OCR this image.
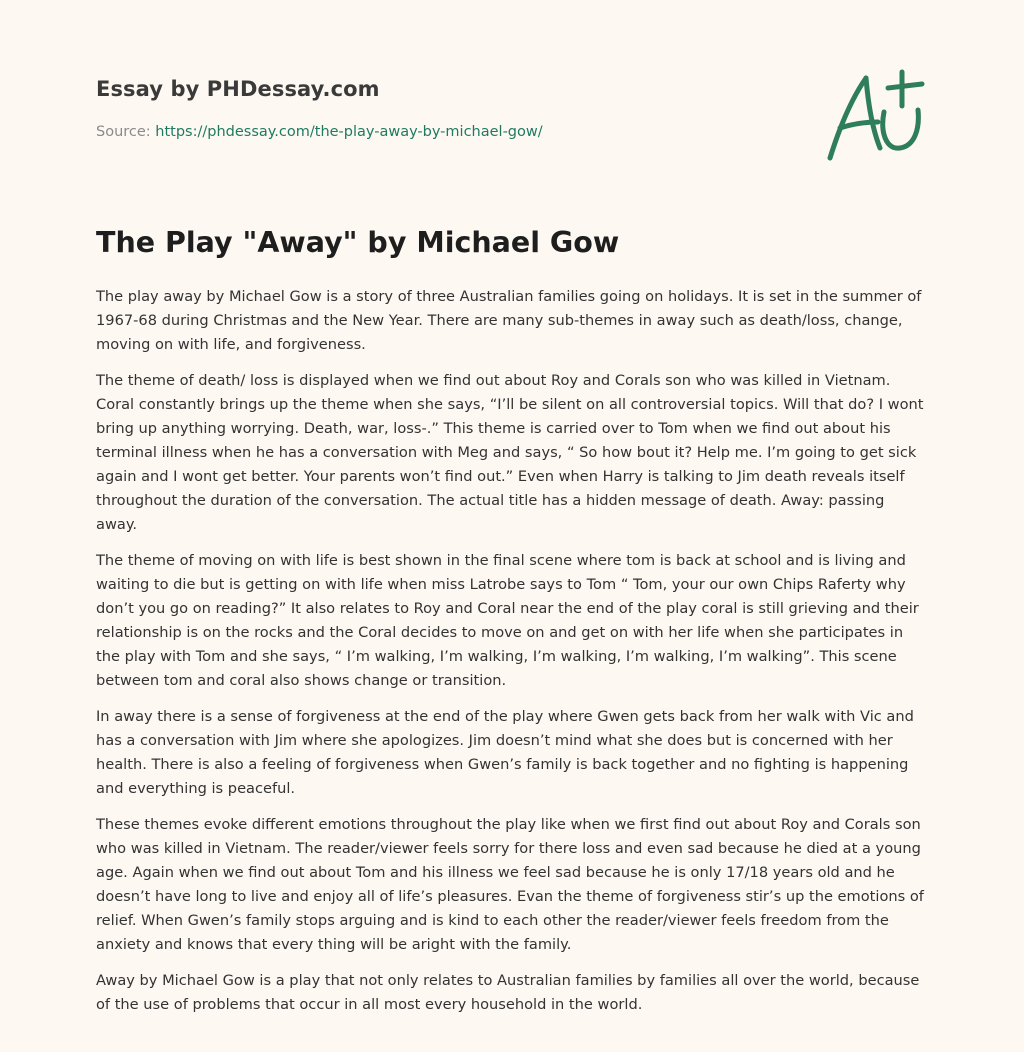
Essay by PHDessay.com
Source: https://phdessay.com/the-play-away-by-michael-gow/
The Play "Away" by Michael Gow

The play away by Michael Gow is a story of three Australian families going on holidays. It is set in the summer of 1967-68 during Christmas and the New Year. There are many sub-themes in away such as death/loss, change, moving on with life, and forgiveness.

The theme of death/ loss is displayed when we find out about Roy and Corals son who was killed in Vietnam. Coral constantly brings up the theme when she says, “I’ll be silent on all controversial topics. Will that do? I wont bring up anything worrying. Death, war, loss-.” This theme is carried over to Tom when we find out about his terminal illness when he has a conversation with Meg and says, “ So how bout it? Help me. I’m going to get sick again and I wont get better. Your parents won’t find out.” Even when Harry is talking to Jim death reveals itself throughout the duration of the conversation. The actual title has a hidden message of death. Away: passing away.

The theme of moving on with life is best shown in the final scene where tom is back at school and is living and waiting to die but is getting on with life when miss Latrobe says to Tom “ Tom, your our own Chips Raferty why don’t you go on reading?” It also relates to Roy and Coral near the end of the play coral is still grieving and their relationship is on the rocks and the Coral decides to move on and get on with her life when she participates in the play with Tom and she says, “ I’m walking, I’m walking, I’m walking, I’m walking, I’m walking”. This scene between tom and coral also shows change or transition.

In away there is a sense of forgiveness at the end of the play where Gwen gets back from her walk with Vic and has a conversation with Jim where she apologizes. Jim doesn’t mind what she does but is concerned with her health. There is also a feeling of forgiveness when Gwen’s family is back together and no fighting is happening and everything is peaceful.

These themes evoke different emotions throughout the play like when we first find out about Roy and Corals son who was killed in Vietnam. The reader/viewer feels sorry for there loss and even sad because he died at a young age. Again when we find out about Tom and his illness we feel sad because he is only 17/18 years old and he doesn’t have long to live and enjoy all of life’s pleasures. Evan the theme of forgiveness stir’s up the emotions of relief. When Gwen’s family stops arguing and is kind to each other the reader/viewer feels freedom from the anxiety and knows that every thing will be aright with the family.

Away by Michael Gow is a play that not only relates to Australian families by families all over the world, because of the use of problems that occur in all most every household in the world.
